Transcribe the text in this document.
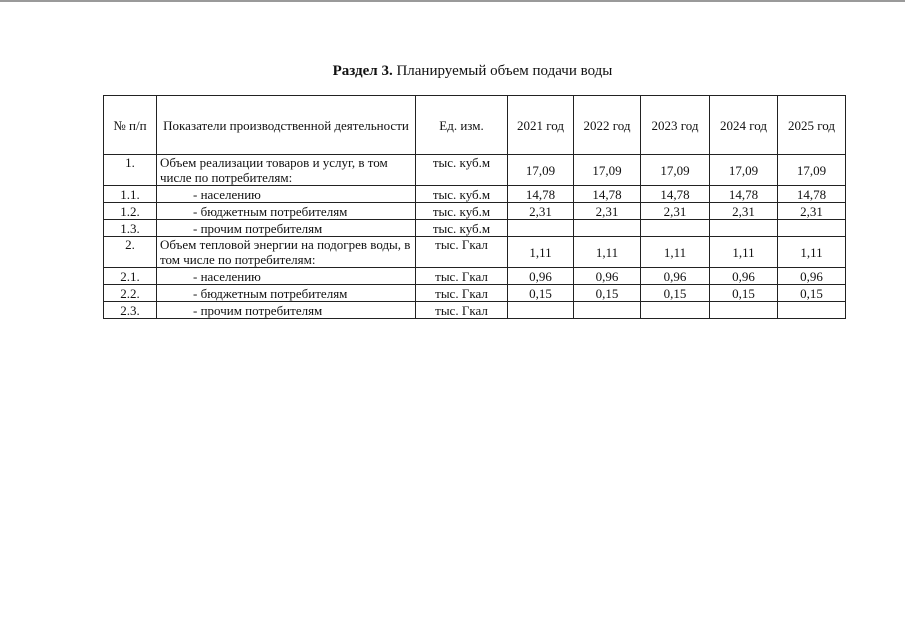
Раздел 3. Планируемый объем подачи воды
№ п/п	Показатели производственной деятельности	Ед. изм.	2021 год	2022 год	2023 год	2024 год	2025 год
1.	Объем реализации товаров и услуг, в том числе по потребителям:	тыс. куб.м	17,09	17,09	17,09	17,09	17,09
1.1.	- населению	тыс. куб.м	14,78	14,78	14,78	14,78	14,78
1.2.	- бюджетным потребителям	тыс. куб.м	2,31	2,31	2,31	2,31	2,31
1.3.	- прочим потребителям	тыс. куб.м					
2.	Объем тепловой энергии на подогрев воды, в том числе по потребителям:	тыс. Гкал	1,11	1,11	1,11	1,11	1,11
2.1.	- населению	тыс. Гкал	0,96	0,96	0,96	0,96	0,96
2.2.	- бюджетным потребителям	тыс. Гкал	0,15	0,15	0,15	0,15	0,15
2.3.	- прочим потребителям	тыс. Гкал					
